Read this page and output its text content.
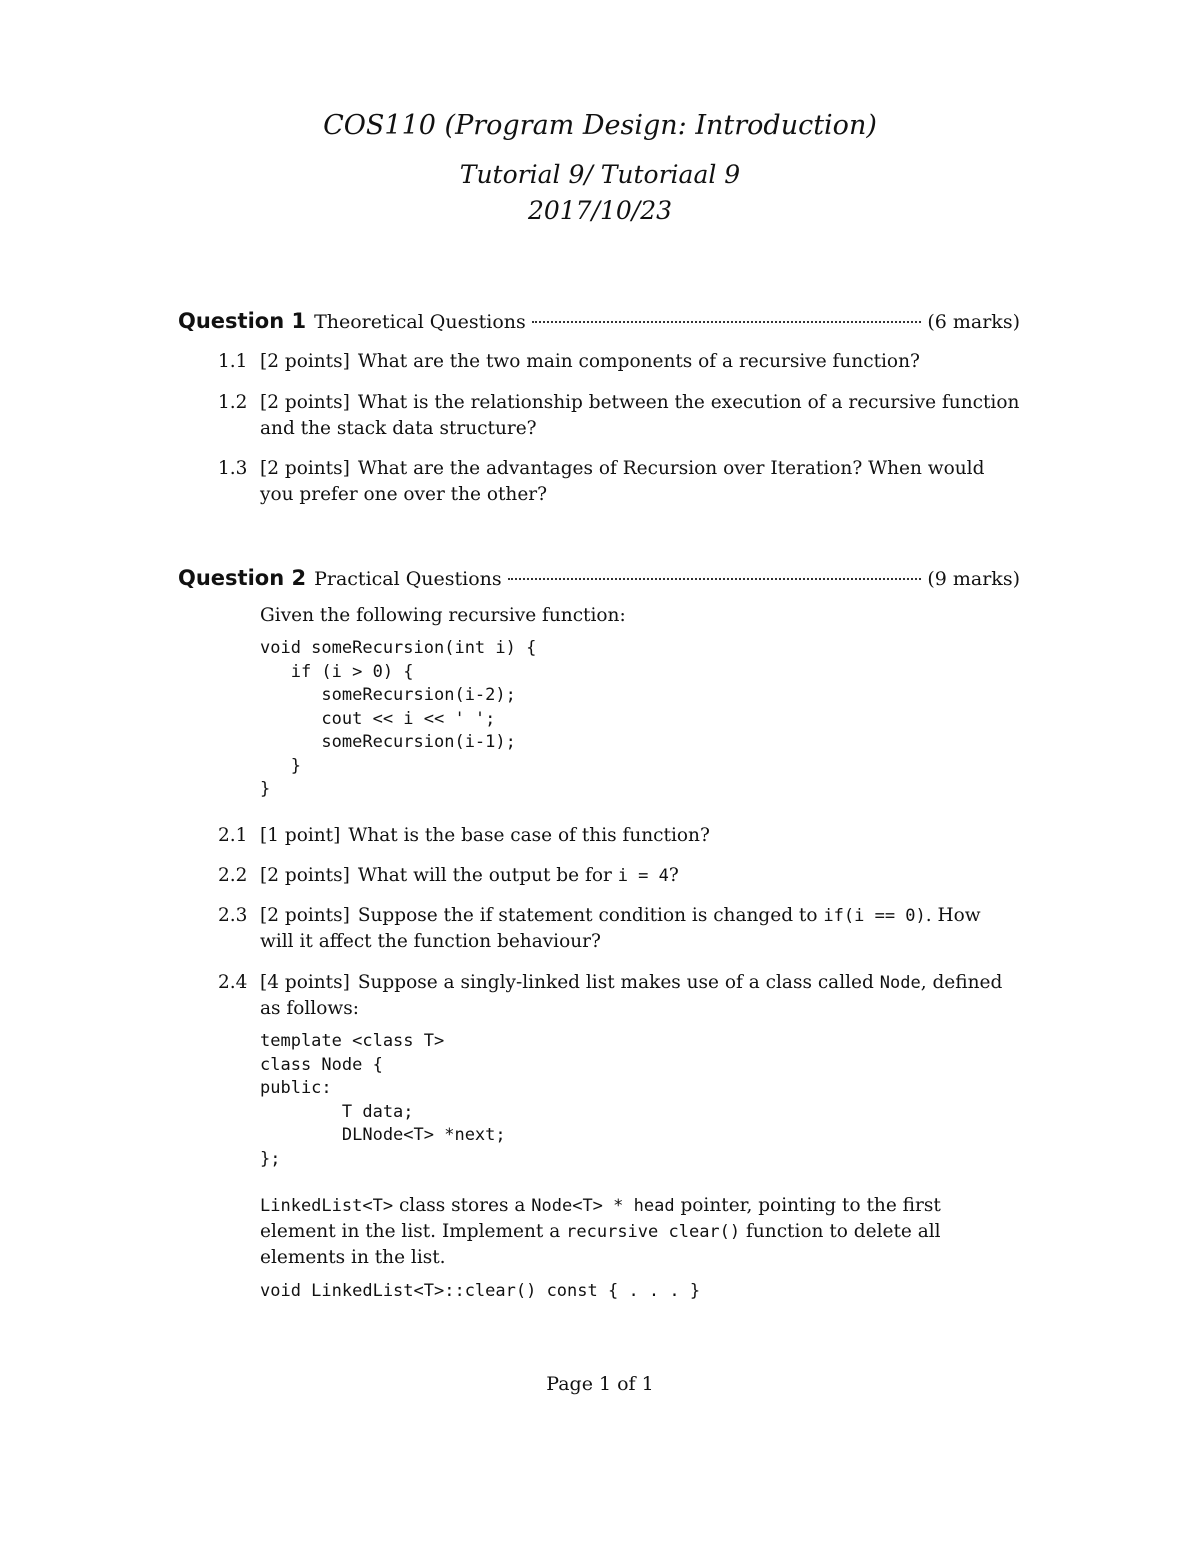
COS110 (Program Design: Introduction)
Tutorial 9/ Tutoriaal 9
2017/10/23
Question 1 Theoretical Questions	(6 marks)
1.1 [2 points] What are the two main components of a recursive function?
1.2 [2 points] What is the relationship between the execution of a recursive function and the stack data structure?
1.3 [2 points] What are the advantages of Recursion over Iteration? When would you prefer one over the other?
Question 2 Practical Questions	(9 marks)
Given the following recursive function:
void someRecursion(int i) {
if (i > 0) {
someRecursion(i-2);
cout << i << ' ';
someRecursion(i-1);
}
}
2.1 [1 point] What is the base case of this function?
2.2 [2 points] What will the output be for i = 4?
2.3 [2 points] Suppose the if statement condition is changed to if(i == 0). How will it affect the function behaviour?
2.4 [4 points] Suppose a singly-linked list makes use of a class called Node, defined as follows:
template <class T>
class Node {
public:
T data;
DLNode<T> *next;
};
LinkedList<T> class stores a Node<T> * head pointer, pointing to the first element in the list. Implement a recursive clear() function to delete all elements in the list.
void LinkedList<T>::clear() const { . . . }
Page 1 of 1
